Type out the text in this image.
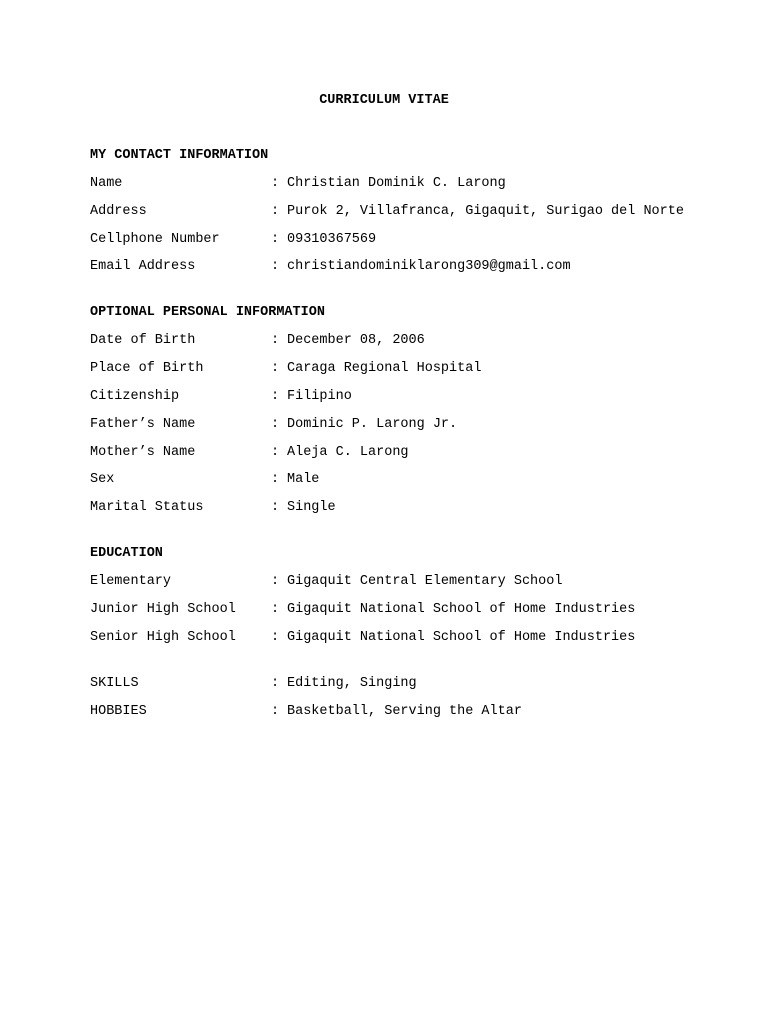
CURRICULUM VITAE
MY CONTACT INFORMATION
Name	: Christian Dominik C. Larong
Address	: Purok 2, Villafranca, Gigaquit, Surigao del Norte
Cellphone Number	: 09310367569
Email Address	: christiandominiklarong309@gmail.com
OPTIONAL PERSONAL INFORMATION
Date of Birth	: December 08, 2006
Place of Birth	: Caraga Regional Hospital
Citizenship	: Filipino
Father’s Name	: Dominic P. Larong Jr.
Mother’s Name	: Aleja C. Larong
Sex	: Male
Marital Status	: Single
EDUCATION
Elementary	: Gigaquit Central Elementary School
Junior High School	: Gigaquit National School of Home Industries
Senior High School	: Gigaquit National School of Home Industries
SKILLS	: Editing, Singing
HOBBIES	: Basketball, Serving the Altar
